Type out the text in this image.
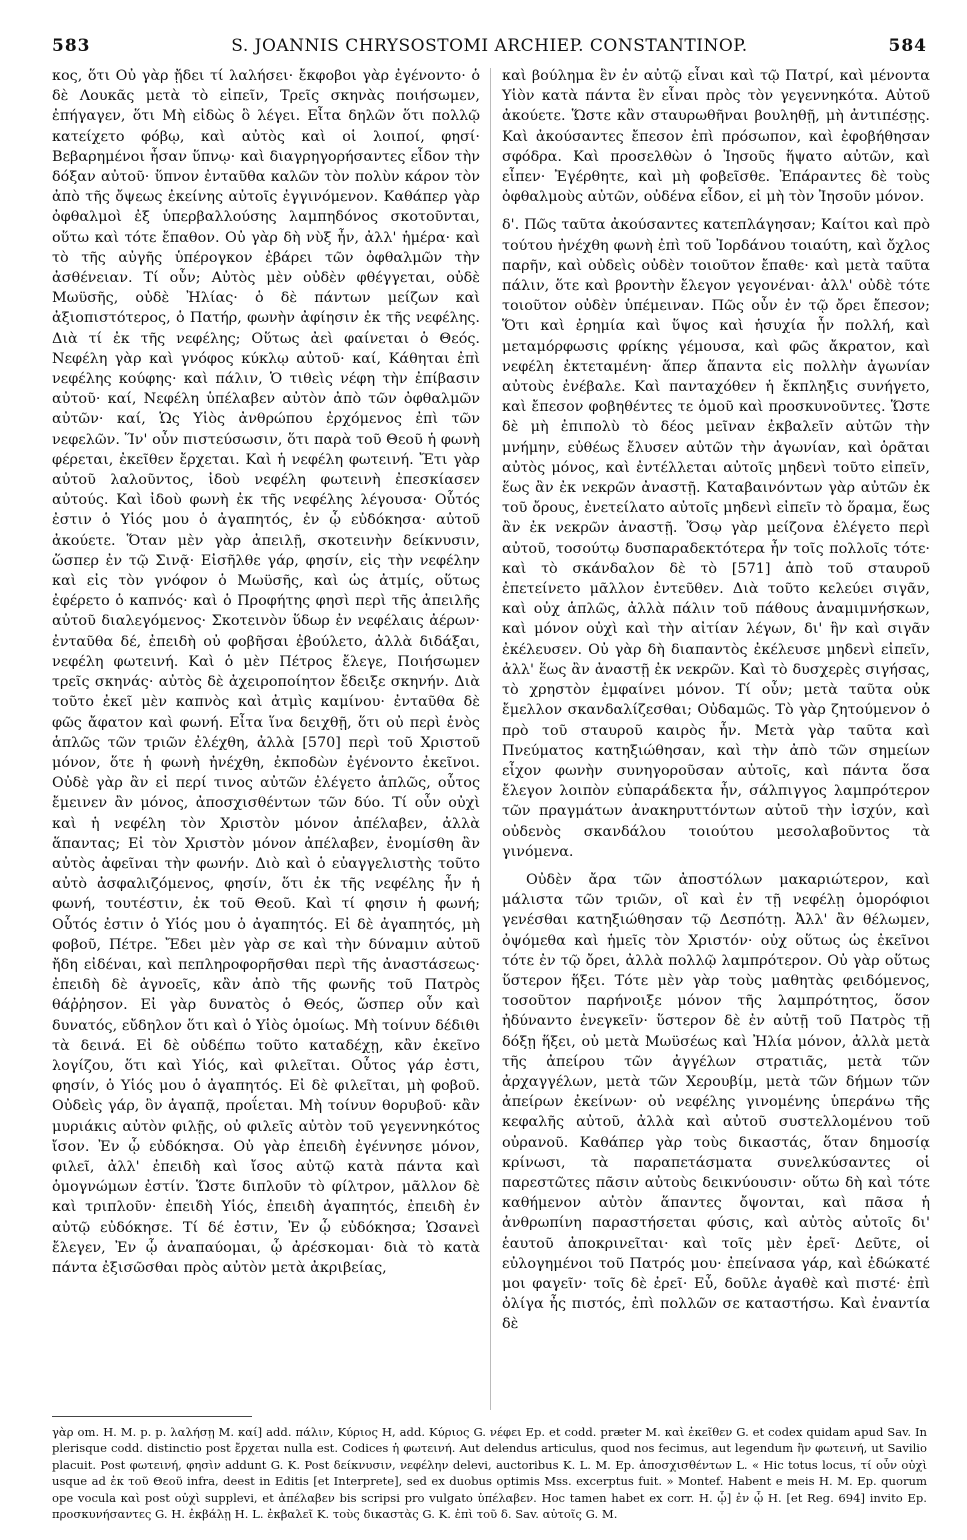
583	S. JOANNIS CHRYSOSTOMI ARCHIEP. CONSTANTINOP.	584

κος, ὅτι Οὐ γὰρ ᾔδει τί λαλήσει· ἔκφοβοι γὰρ ἐγένοντο· ὁ δὲ Λουκᾶς μετὰ τὸ εἰπεῖν, Τρεῖς σκηνὰς ποιήσωμεν, ἐπήγαγεν, ὅτι Μὴ εἰδὼς ὃ λέγει. Εἶτα δηλῶν ὅτι πολλῷ κατείχετο φόβῳ, καὶ αὐτὸς καὶ οἱ λοιποί, φησί· Βεβαρημένοι ἦσαν ὕπνῳ· καὶ διαγρηγορήσαντες εἶδον τὴν δόξαν αὐτοῦ· ὕπνον ἐνταῦθα καλῶν τὸν πολὺν κάρον τὸν ἀπὸ τῆς ὄψεως ἐκείνης αὐτοῖς ἐγγινόμενον. Καθάπερ γὰρ ὀφθαλμοὶ ἐξ ὑπερβαλλούσης λαμπηδόνος σκοτοῦνται, οὕτω καὶ τότε ἔπαθον. Οὐ γὰρ δὴ νὺξ ἦν, ἀλλ' ἡμέρα· καὶ τὸ τῆς αὐγῆς ὑπέρογκον ἐβάρει τῶν ὀφθαλμῶν τὴν ἀσθένειαν. Τί οὖν; Αὐτὸς μὲν οὐδὲν φθέγγεται, οὐδὲ Μωϋσῆς, οὐδὲ Ἠλίας· ὁ δὲ πάντων μείζων καὶ ἀξιοπιστότερος, ὁ Πατήρ, φωνὴν ἀφίησιν ἐκ τῆς νεφέλης. Διὰ τί ἐκ τῆς νεφέλης; Οὕτως ἀεὶ φαίνεται ὁ Θεός. Νεφέλη γὰρ καὶ γνόφος κύκλῳ αὐτοῦ· καί, Κάθηται ἐπὶ νεφέλης κούφης· καὶ πάλιν, Ὁ τιθεὶς νέφη τὴν ἐπίβασιν αὐτοῦ· καί, Νεφέλη ὑπέλαβεν αὐτὸν ἀπὸ τῶν ὀφθαλμῶν αὐτῶν· καί, Ὡς Υἱὸς ἀνθρώπου ἐρχόμενος ἐπὶ τῶν νεφελῶν. Ἵν' οὖν πιστεύσωσιν, ὅτι παρὰ τοῦ Θεοῦ ἡ φωνὴ φέρεται, ἐκεῖθεν ἔρχεται. Καὶ ἡ νεφέλη φωτεινή. Ἔτι γὰρ αὐτοῦ λαλοῦντος, ἰδοὺ νεφέλη φωτεινὴ ἐπεσκίασεν αὐτούς. Καὶ ἰδοὺ φωνὴ ἐκ τῆς νεφέλης λέγουσα· Οὗτός ἐστιν ὁ Υἱός μου ὁ ἀγαπητός, ἐν ᾧ εὐδόκησα· αὐτοῦ ἀκούετε. Ὅταν μὲν γὰρ ἀπειλῇ, σκοτεινὴν δείκνυσιν, ὥσπερ ἐν τῷ Σινᾷ· Εἰσῆλθε γάρ, φησίν, εἰς τὴν νεφέλην καὶ εἰς τὸν γνόφον ὁ Μωϋσῆς, καὶ ὡς ἀτμίς, οὕτως ἐφέρετο ὁ καπνός· καὶ ὁ Προφήτης φησὶ περὶ τῆς ἀπειλῆς αὐτοῦ διαλεγόμενος· Σκοτεινὸν ὕδωρ ἐν νεφέλαις ἀέρων· ἐνταῦθα δέ, ἐπειδὴ οὐ φοβῆσαι ἐβούλετο, ἀλλὰ διδάξαι, νεφέλη φωτεινή. Καὶ ὁ μὲν Πέτρος ἔλεγε, Ποιήσωμεν τρεῖς σκηνάς· αὐτὸς δὲ ἀχειροποίητον ἔδειξε σκηνήν. Διὰ τοῦτο ἐκεῖ μὲν καπνὸς καὶ ἀτμὶς καμίνου· ἐνταῦθα δὲ φῶς ἄφατον καὶ φωνή. Εἶτα ἵνα δειχθῇ, ὅτι οὐ περὶ ἑνὸς ἁπλῶς τῶν τριῶν ἐλέχθη, ἀλλὰ [570] περὶ τοῦ Χριστοῦ μόνον, ὅτε ἡ φωνὴ ἠνέχθη, ἐκποδὼν ἐγένοντο ἐκεῖνοι. Οὐδὲ γὰρ ἂν εἰ περί τινος αὐτῶν ἐλέγετο ἁπλῶς, οὗτος ἔμεινεν ἂν μόνος, ἀποσχισθέντων τῶν δύο. Τί οὖν οὐχὶ καὶ ἡ νεφέλη τὸν Χριστὸν μόνον ἀπέλαβεν, ἀλλὰ ἅπαντας; Εἰ τὸν Χριστὸν μόνον ἀπέλαβεν, ἐνομίσθη ἂν αὐτὸς ἀφεῖναι τὴν φωνήν. Διὸ καὶ ὁ εὐαγγελιστὴς τοῦτο αὐτὸ ἀσφαλιζόμενος, φησίν, ὅτι ἐκ τῆς νεφέλης ἦν ἡ φωνή, τουτέστιν, ἐκ τοῦ Θεοῦ. Καὶ τί φησιν ἡ φωνή; Οὗτός ἐστιν ὁ Υἱός μου ὁ ἀγαπητός. Εἰ δὲ ἀγαπητός, μὴ φοβοῦ, Πέτρε. Ἔδει μὲν γὰρ σε καὶ τὴν δύναμιν αὐτοῦ ἤδη εἰδέναι, καὶ πεπληροφορῆσθαι περὶ τῆς ἀναστάσεως· ἐπειδὴ δὲ ἀγνοεῖς, κἂν ἀπὸ τῆς φωνῆς τοῦ Πατρὸς θάῤῥησον. Εἰ γὰρ δυνατὸς ὁ Θεός, ὥσπερ οὖν καὶ δυνατός, εὔδηλον ὅτι καὶ ὁ Υἱὸς ὁμοίως. Μὴ τοίνυν δέδιθι τὰ δεινά. Εἰ δὲ οὐδέπω τοῦτο καταδέχῃ, κἂν ἐκεῖνο λογίζου, ὅτι καὶ Υἱός, καὶ φιλεῖται. Οὗτος γάρ ἐστι, φησίν, ὁ Υἱός μου ὁ ἀγαπητός. Εἰ δὲ φιλεῖται, μὴ φοβοῦ. Οὐδεὶς γάρ, ὃν ἀγαπᾷ, προΐεται. Μὴ τοίνυν θορυβοῦ· κἂν μυριάκις αὐτὸν φιλῇς, οὐ φιλεῖς αὐτὸν τοῦ γεγεννηκότος ἴσον. Ἐν ᾧ εὐδόκησα. Οὐ γὰρ ἐπειδὴ ἐγέννησε μόνον, φιλεῖ, ἀλλ' ἐπειδὴ καὶ ἴσος αὐτῷ κατὰ πάντα καὶ ὁμογνώμων ἐστίν. Ὥστε διπλοῦν τὸ φίλτρον, μᾶλλον δὲ καὶ τριπλοῦν· ἐπειδὴ Υἱός, ἐπειδὴ ἀγαπητός, ἐπειδὴ ἐν αὐτῷ εὐδόκησε. Τί δέ ἐστιν, Ἐν ᾧ εὐδόκησα; Ὡσανεὶ ἔλεγεν, Ἐν ᾧ ἀναπαύομαι, ᾧ ἀρέσκομαι· διὰ τὸ κατὰ πάντα ἐξισῶσθαι πρὸς αὐτὸν μετὰ ἀκριβείας,

καὶ βούλημα ἓν ἐν αὐτῷ εἶναι καὶ τῷ Πατρί, καὶ μένοντα Υἱὸν κατὰ πάντα ἓν εἶναι πρὸς τὸν γεγεννηκότα. Αὐτοῦ ἀκούετε. Ὥστε κἂν σταυρωθῆναι βουληθῇ, μὴ ἀντιπέσῃς. Καὶ ἀκούσαντες ἔπεσον ἐπὶ πρόσωπον, καὶ ἐφοβήθησαν σφόδρα. Καὶ προσελθὼν ὁ Ἰησοῦς ἥψατο αὐτῶν, καὶ εἶπεν· Ἐγέρθητε, καὶ μὴ φοβεῖσθε. Ἐπάραντες δὲ τοὺς ὀφθαλμοὺς αὐτῶν, οὐδένα εἶδον, εἰ μὴ τὸν Ἰησοῦν μόνον.

δ'. Πῶς ταῦτα ἀκούσαντες κατεπλάγησαν; Καίτοι καὶ πρὸ τούτου ἠνέχθη φωνὴ ἐπὶ τοῦ Ἰορδάνου τοιαύτη, καὶ ὄχλος παρῆν, καὶ οὐδεὶς οὐδὲν τοιοῦτον ἔπαθε· καὶ μετὰ ταῦτα πάλιν, ὅτε καὶ βροντὴν ἔλεγον γεγονέναι· ἀλλ' οὐδὲ τότε τοιοῦτον οὐδὲν ὑπέμειναν. Πῶς οὖν ἐν τῷ ὄρει ἔπεσον; Ὅτι καὶ ἐρημία καὶ ὕψος καὶ ἡσυχία ἦν πολλή, καὶ μεταμόρφωσις φρίκης γέμουσα, καὶ φῶς ἄκρατον, καὶ νεφέλη ἐκτεταμένη· ἅπερ ἅπαντα εἰς πολλὴν ἀγωνίαν αὐτοὺς ἐνέβαλε. Καὶ πανταχόθεν ἡ ἔκπληξις συνήγετο, καὶ ἔπεσον φοβηθέντες τε ὁμοῦ καὶ προσκυνοῦντες. Ὥστε δὲ μὴ ἐπιπολὺ τὸ δέος μεῖναν ἐκβαλεῖν αὐτῶν τὴν μνήμην, εὐθέως ἔλυσεν αὐτῶν τὴν ἀγωνίαν, καὶ ὁρᾶται αὐτὸς μόνος, καὶ ἐντέλλεται αὐτοῖς μηδενὶ τοῦτο εἰπεῖν, ἕως ἂν ἐκ νεκρῶν ἀναστῇ. Καταβαινόντων γὰρ αὐτῶν ἐκ τοῦ ὄρους, ἐνετείλατο αὐτοῖς μηδενὶ εἰπεῖν τὸ ὅραμα, ἕως ἂν ἐκ νεκρῶν ἀναστῇ. Ὅσῳ γὰρ μείζονα ἐλέγετο περὶ αὐτοῦ, τοσούτῳ δυσπαραδεκτότερα ἦν τοῖς πολλοῖς τότε· καὶ τὸ σκάνδαλον δὲ τὸ [571] ἀπὸ τοῦ σταυροῦ ἐπετείνετο μᾶλλον ἐντεῦθεν. Διὰ τοῦτο κελεύει σιγᾶν, καὶ οὐχ ἁπλῶς, ἀλλὰ πάλιν τοῦ πάθους ἀναμιμνήσκων, καὶ μόνον οὐχὶ καὶ τὴν αἰτίαν λέγων, δι' ἣν καὶ σιγᾶν ἐκέλευσεν. Οὐ γὰρ δὴ διαπαντὸς ἐκέλευσε μηδενὶ εἰπεῖν, ἀλλ' ἕως ἂν ἀναστῇ ἐκ νεκρῶν. Καὶ τὸ δυσχερὲς σιγήσας, τὸ χρηστὸν ἐμφαίνει μόνον. Τί οὖν; μετὰ ταῦτα οὐκ ἔμελλον σκανδαλίζεσθαι; Οὐδαμῶς. Τὸ γὰρ ζητούμενον ὁ πρὸ τοῦ σταυροῦ καιρὸς ἦν. Μετὰ γὰρ ταῦτα καὶ Πνεύματος κατηξιώθησαν, καὶ τὴν ἀπὸ τῶν σημείων εἶχον φωνὴν συνηγοροῦσαν αὐτοῖς, καὶ πάντα ὅσα ἔλεγον λοιπὸν εὐπαράδεκτα ἦν, σάλπιγγος λαμπρότερον τῶν πραγμάτων ἀνακηρυττόντων αὐτοῦ τὴν ἰσχύν, καὶ οὐδενὸς σκανδάλου τοιούτου μεσολαβοῦντος τὰ γινόμενα.

Οὐδὲν ἄρα τῶν ἀποστόλων μακαριώτερον, καὶ μάλιστα τῶν τριῶν, οἳ καὶ ἐν τῇ νεφέλῃ ὁμορόφιοι γενέσθαι κατηξιώθησαν τῷ Δεσπότῃ. Ἀλλ' ἂν θέλωμεν, ὀψόμεθα καὶ ἡμεῖς τὸν Χριστόν· οὐχ οὕτως ὡς ἐκεῖνοι τότε ἐν τῷ ὄρει, ἀλλὰ πολλῷ λαμπρότερον. Οὐ γὰρ οὕτως ὕστερον ἥξει. Τότε μὲν γὰρ τοὺς μαθητὰς φειδόμενος, τοσοῦτον παρήνοιξε μόνον τῆς λαμπρότητος, ὅσον ἠδύναντο ἐνεγκεῖν· ὕστερον δὲ ἐν αὐτῇ τοῦ Πατρὸς τῇ δόξῃ ἥξει, οὐ μετὰ Μωϋσέως καὶ Ἠλία μόνον, ἀλλὰ μετὰ τῆς ἀπείρου τῶν ἀγγέλων στρατιᾶς, μετὰ τῶν ἀρχαγγέλων, μετὰ τῶν Χερουβίμ, μετὰ τῶν δήμων τῶν ἀπείρων ἐκείνων· οὐ νεφέλης γινομένης ὑπεράνω τῆς κεφαλῆς αὐτοῦ, ἀλλὰ καὶ αὐτοῦ συστελλομένου τοῦ οὐρανοῦ. Καθάπερ γὰρ τοὺς δικαστάς, ὅταν δημοσίᾳ κρίνωσι, τὰ παραπετάσματα συνελκύσαντες οἱ παρεστῶτες πᾶσιν αὐτοὺς δεικνύουσιν· οὕτω δὴ καὶ τότε καθήμενον αὐτὸν ἅπαντες ὄψονται, καὶ πᾶσα ἡ ἀνθρωπίνη παραστήσεται φύσις, καὶ αὐτὸς αὐτοῖς δι' ἑαυτοῦ ἀποκρινεῖται· καὶ τοῖς μὲν ἐρεῖ· Δεῦτε, οἱ εὐλογημένοι τοῦ Πατρός μου· ἐπείνασα γάρ, καὶ ἐδώκατέ μοι φαγεῖν· τοῖς δὲ ἐρεῖ· Εὖ, δοῦλε ἀγαθὲ καὶ πιστέ· ἐπὶ ὀλίγα ἦς πιστός, ἐπὶ πολλῶν σε καταστήσω. Καὶ ἐναντία δὲ

γὰρ om. H. M. p. p. λαλήσῃ M. καί] add. πάλιν, Κύριος H, add. Κύριος G. νέφει Ep. et codd. præter M. καὶ ἐκεῖθεν G. et codex quidam apud Sav. In plerisque codd. distinctio post ἔρχεται nulla est. Codices ἡ φωτεινή. Aut delendus articulus, quod nos fecimus, aut legendum ἣν φωτεινή, ut Savilio placuit. Post φωτεινή, φησὶν addunt G. K. Post δείκνυσιν, νεφέλην delevi, auctoribus K. L. M. Ep. ἀποσχισθέντων L. « Hic totus locus, τί οὖν οὐχὶ usque ad ἐκ τοῦ Θεοῦ infra, deest in Editis [et Interprete], sed ex duobus optimis Mss. excerptus fuit. » Montef. Habent e meis H. M. Ep. quorum ope vocula καὶ post οὐχὶ supplevi, et ἀπέλαβεν bis scripsi pro vulgato ὑπέλαβεν. Hoc tamen habet ex corr. H. ᾧ] ἐν ᾧ H. [et Reg. 694] invito Ep. προσκυνήσαντες G. H. ἐκβάλῃ H. L. ἐκβαλεῖ K. τοὺς δικαστὰς G. K. ἐπὶ τοῦ δ. Sav. αὐτοῖς G. M.
